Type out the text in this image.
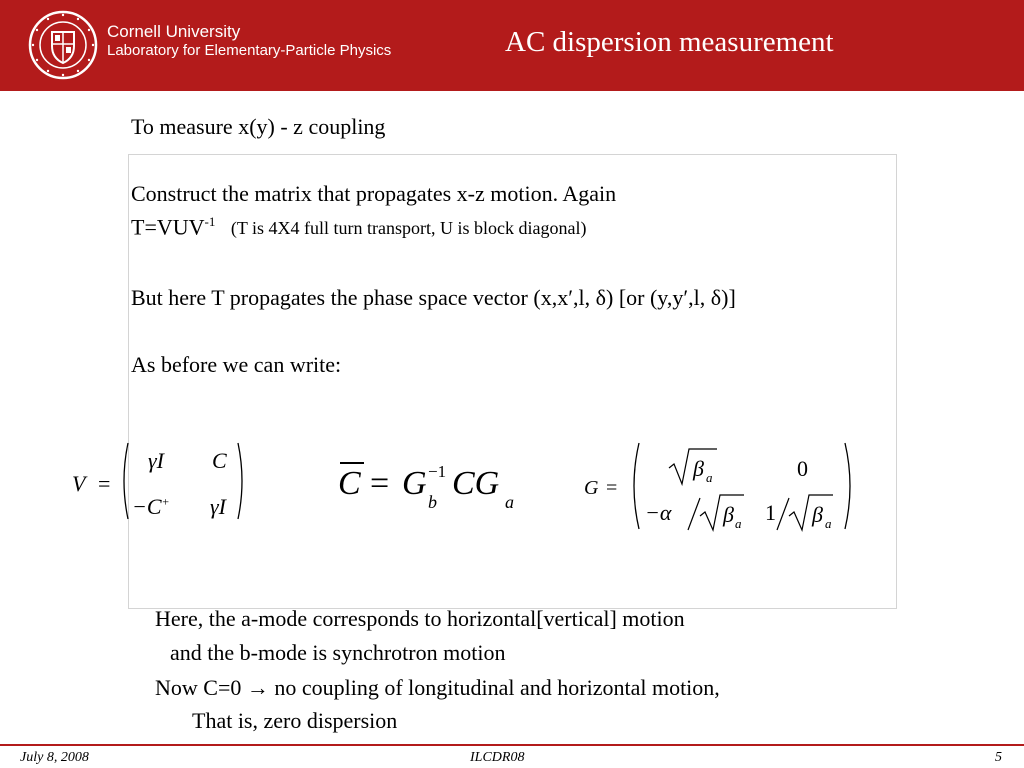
Cornell University
Laboratory for Elementary-Particle Physics	AC dispersion measurement
To measure x(y) - z coupling
Construct the matrix that propagates x-z motion. Again
$T=VUV^{-1}$ (T is 4X4 full turn transport, U is block diagonal)
But here T propagates the phase space vector (x,x′,l, δ) [or (y,y′,l, δ)]
As before we can write:
V =
γI C
−C+ γI
C = G −1
b CG a
G =
β a	0
−α β a 1 β a
Here, the a-mode corresponds to horizontal[vertical] motion
and the b-mode is synchrotron motion
Now C=0 → no coupling of longitudinal and horizontal motion,
That is, zero dispersion
July 8, 2008	ILCDR08	5
